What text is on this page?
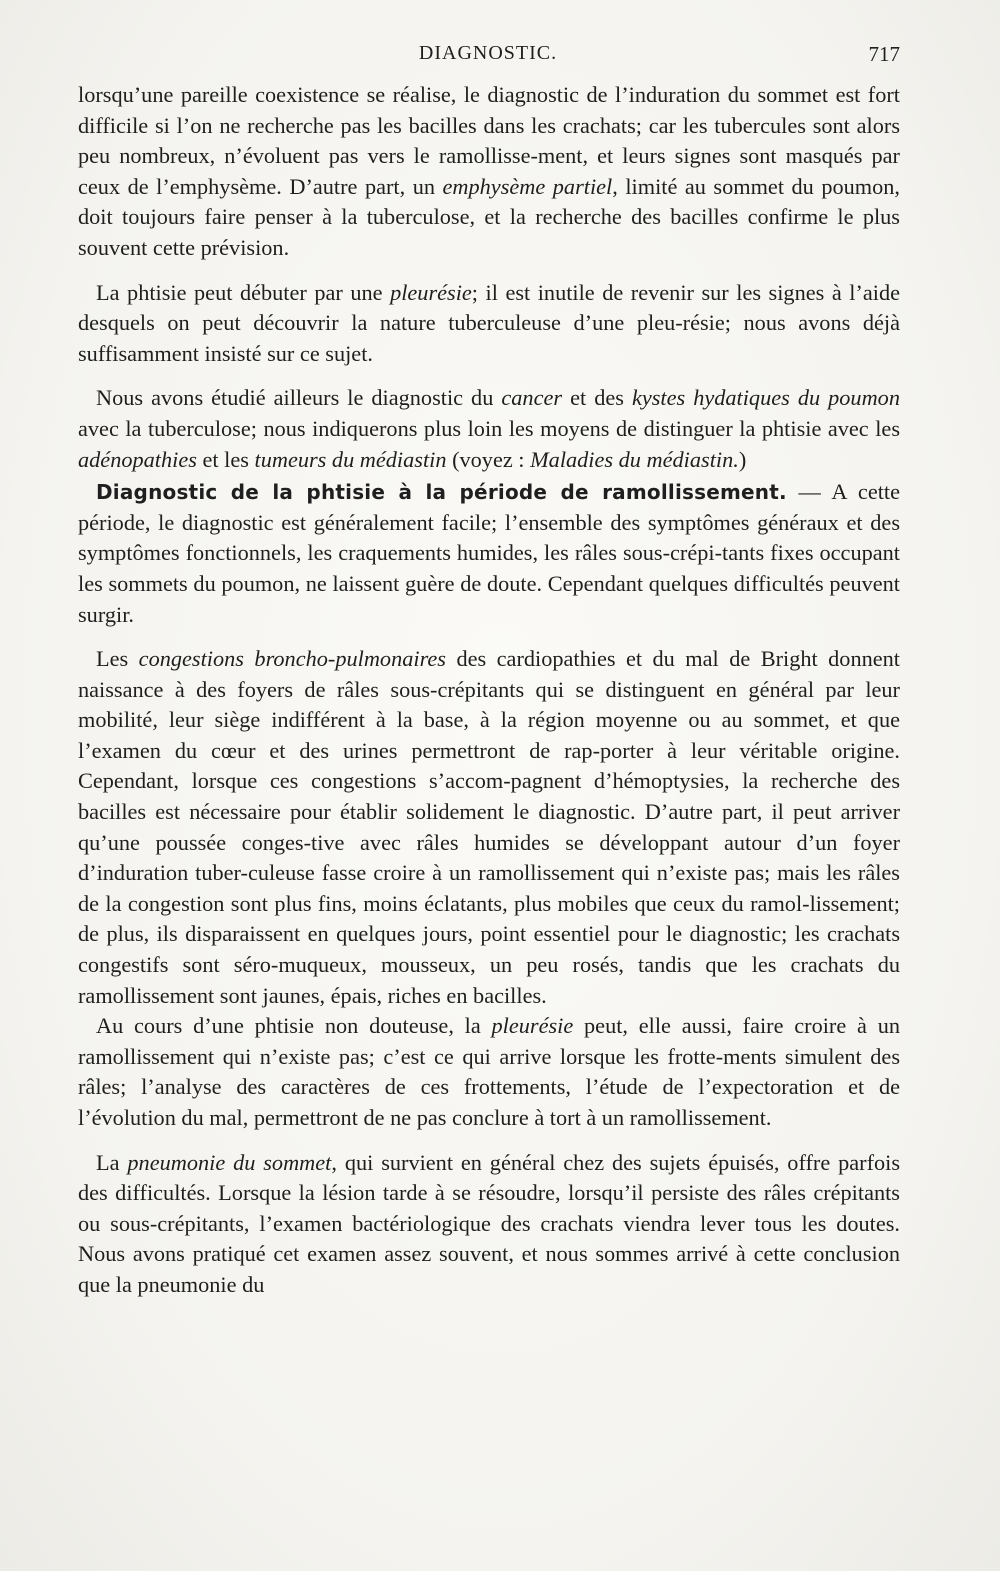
DIAGNOSTIC.	717

lorsqu’une pareille coexistence se réalise, le diagnostic de l’induration du sommet est fort difficile si l’on ne recherche pas les bacilles dans les crachats; car les tubercules sont alors peu nombreux, n’évoluent pas vers le ramollisse-ment, et leurs signes sont masqués par ceux de l’emphysème. D’autre part, un emphysème partiel, limité au sommet du poumon, doit toujours faire penser à la tuberculose, et la recherche des bacilles confirme le plus souvent cette prévision.

La phtisie peut débuter par une pleurésie; il est inutile de revenir sur les signes à l’aide desquels on peut découvrir la nature tuberculeuse d’une pleu-résie; nous avons déjà suffisamment insisté sur ce sujet.

Nous avons étudié ailleurs le diagnostic du cancer et des kystes hydatiques du poumon avec la tuberculose; nous indiquerons plus loin les moyens de distinguer la phtisie avec les adénopathies et les tumeurs du médiastin (voyez : Maladies du médiastin.)

Diagnostic de la phtisie à la période de ramollissement. — A cette période, le diagnostic est généralement facile; l’ensemble des symptômes généraux et des symptômes fonctionnels, les craquements humides, les râles sous-crépi-tants fixes occupant les sommets du poumon, ne laissent guère de doute. Cependant quelques difficultés peuvent surgir.

Les congestions broncho-pulmonaires des cardiopathies et du mal de Bright donnent naissance à des foyers de râles sous-crépitants qui se distinguent en général par leur mobilité, leur siège indifférent à la base, à la région moyenne ou au sommet, et que l’examen du cœur et des urines permettront de rap-porter à leur véritable origine. Cependant, lorsque ces congestions s’accom-pagnent d’hémoptysies, la recherche des bacilles est nécessaire pour établir solidement le diagnostic. D’autre part, il peut arriver qu’une poussée conges-tive avec râles humides se développant autour d’un foyer d’induration tuber-culeuse fasse croire à un ramollissement qui n’existe pas; mais les râles de la congestion sont plus fins, moins éclatants, plus mobiles que ceux du ramol-lissement; de plus, ils disparaissent en quelques jours, point essentiel pour le diagnostic; les crachats congestifs sont séro-muqueux, mousseux, un peu rosés, tandis que les crachats du ramollissement sont jaunes, épais, riches en bacilles.

Au cours d’une phtisie non douteuse, la pleurésie peut, elle aussi, faire croire à un ramollissement qui n’existe pas; c’est ce qui arrive lorsque les frotte-ments simulent des râles; l’analyse des caractères de ces frottements, l’étude de l’expectoration et de l’évolution du mal, permettront de ne pas conclure à tort à un ramollissement.

La pneumonie du sommet, qui survient en général chez des sujets épuisés, offre parfois des difficultés. Lorsque la lésion tarde à se résoudre, lorsqu’il persiste des râles crépitants ou sous-crépitants, l’examen bactériologique des crachats viendra lever tous les doutes. Nous avons pratiqué cet examen assez souvent, et nous sommes arrivé à cette conclusion que la pneumonie du
